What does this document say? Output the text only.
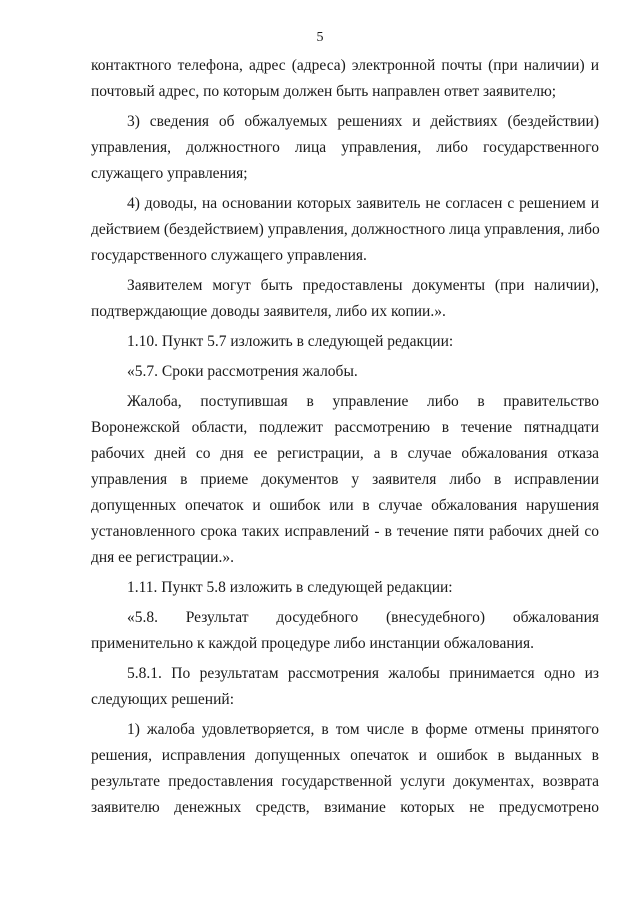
5
контактного телефона, адрес (адреса) электронной почты (при наличии) и
почтовый адрес, по которым должен быть направлен ответ заявителю;
3) сведения об обжалуемых решениях и действиях (бездействии)
управления, должностного лица управления, либо государственного
служащего управления;
4) доводы, на основании которых заявитель не согласен с решением и
действием (бездействием) управления, должностного лица управления, либо
государственного служащего управления.
Заявителем могут быть предоставлены документы (при наличии),
подтверждающие доводы заявителя, либо их копии.».
1.10. Пункт 5.7 изложить в следующей редакции:
«5.7. Сроки рассмотрения жалобы.
Жалоба, поступившая в управление либо в правительство
Воронежской области, подлежит рассмотрению в течение пятнадцати
рабочих дней со дня ее регистрации, а в случае обжалования отказа
управления в приеме документов у заявителя либо в исправлении
допущенных опечаток и ошибок или в случае обжалования нарушения
установленного срока таких исправлений - в течение пяти рабочих дней со
дня ее регистрации.».
1.11. Пункт 5.8 изложить в следующей редакции:
«5.8. Результат досудебного (внесудебного) обжалования
применительно к каждой процедуре либо инстанции обжалования.
5.8.1. По результатам рассмотрения жалобы принимается одно из
следующих решений:
1) жалоба удовлетворяется, в том числе в форме отмены принятого
решения, исправления допущенных опечаток и ошибок в выданных в
результате предоставления государственной услуги документах, возврата
заявителю денежных средств, взимание которых не предусмотрено
